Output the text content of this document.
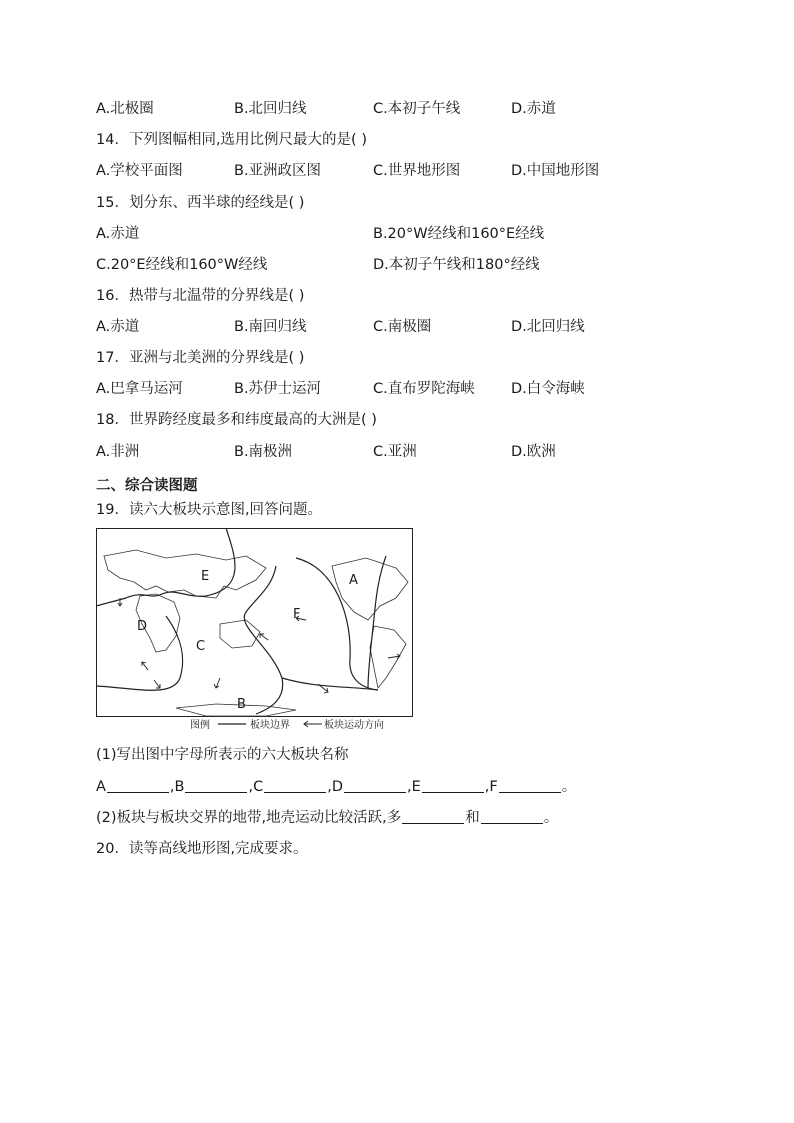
A.北极圈	B.北回归线	C.本初子午线	D.赤道
14．下列图幅相同,选用比例尺最大的是( )
A.学校平面图	B.亚洲政区图	C.世界地形图	D.中国地形图
15．划分东、西半球的经线是( )
A.赤道	B.20°W经线和160°E经线
C.20°E经线和160°W经线	D.本初子午线和180°经线
16．热带与北温带的分界线是( )
A.赤道	B.南回归线	C.南极圈	D.北回归线
17．亚洲与北美洲的分界线是( )
A.巴拿马运河	B.苏伊士运河	C.直布罗陀海峡	D.白令海峡
18．世界跨经度最多和纬度最高的大洲是( )
A.非洲	B.南极洲	C.亚洲	D.欧洲
二、综合读图题
19．读六大板块示意图,回答问题。
A
B
C
D
E
F
图例	板块边界	板块运动方向
(1)写出图中字母所表示的六大板块名称
A	,B	,C	,D	,E	,F	。
(2)板块与板块交界的地带,地壳运动比较活跃,多	和	。
20．读等高线地形图,完成要求。
